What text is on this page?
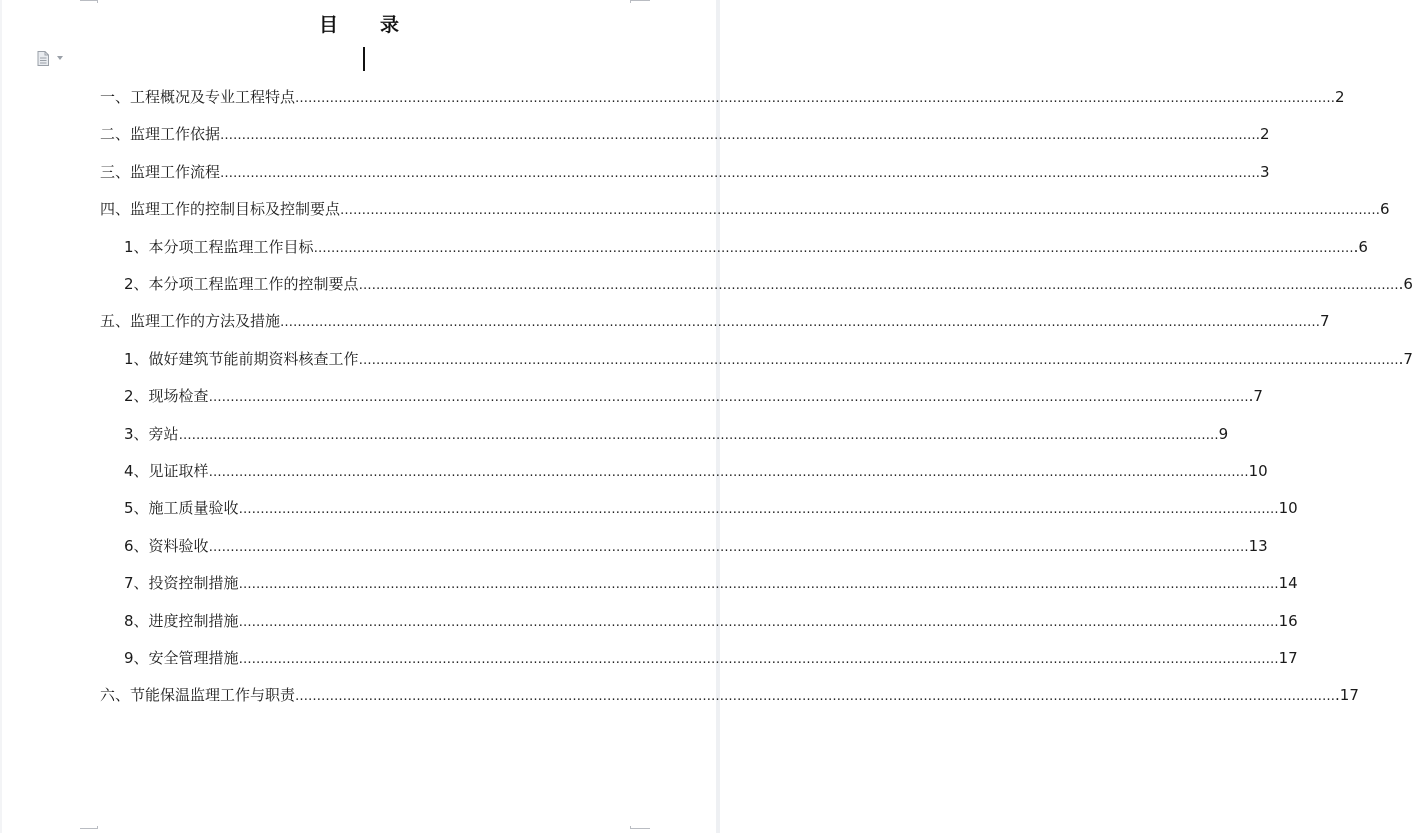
目 录
一、 工程概况及专业工程特点 …………………………………………………………………………………………………………………………………………………………………………………………………………………… 2
二、 监理工作依据 …………………………………………………………………………………………………………………………………………………………………………………………………………………… 2
三、 监理工作流程 …………………………………………………………………………………………………………………………………………………………………………………………………………………… 3
四、 监理工作的控制目标及控制要点 …………………………………………………………………………………………………………………………………………………………………………………………………………………… 6
1、 本分项工程监理工作目标 …………………………………………………………………………………………………………………………………………………………………………………………………………………… .6
2、 本分项工程监理工作的控制要点 …………………………………………………………………………………………………………………………………………………………………………………………………………………… .6
五、 监理工作的方法及措施 …………………………………………………………………………………………………………………………………………………………………………………………………………………… 7
1、 做好建筑节能前期资料核查工作 …………………………………………………………………………………………………………………………………………………………………………………………………………………… .7
2、 现场检查 …………………………………………………………………………………………………………………………………………………………………………………………………………………… .7
3、 旁站 …………………………………………………………………………………………………………………………………………………………………………………………………………………… 9
4、 见证取样 …………………………………………………………………………………………………………………………………………………………………………………………………………………… 10
5、 施工质量验收 …………………………………………………………………………………………………………………………………………………………………………………………………………………… 10
6、 资料验收 …………………………………………………………………………………………………………………………………………………………………………………………………………………… 13
7、 投资控制措施 …………………………………………………………………………………………………………………………………………………………………………………………………………………… 14
8、 进度控制措施 …………………………………………………………………………………………………………………………………………………………………………………………………………………… 16
9、 安全管理措施 …………………………………………………………………………………………………………………………………………………………………………………………………………………… 17
六、 节能保温监理工作与职责 …………………………………………………………………………………………………………………………………………………………………………………………………………………… .17
